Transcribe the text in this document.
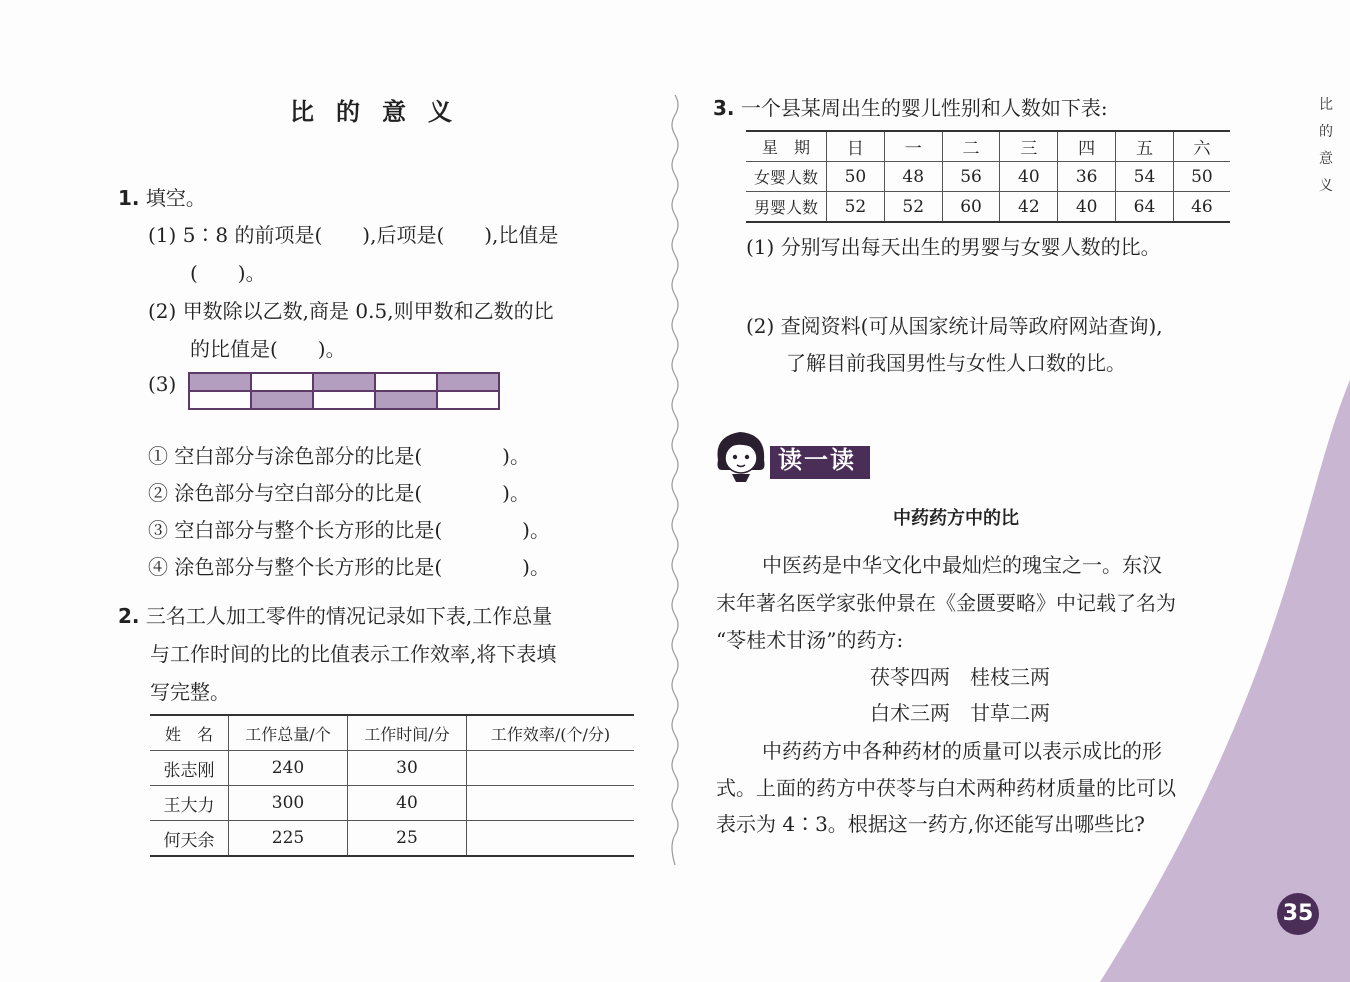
比
的
意
义
35
比的意义
1. 填空。
(1) 5∶8 的前项是(　　),后项是(　　),比值是
(　　)。
(2) 甲数除以乙数,商是 0.5,则甲数和乙数的比
的比值是(　　)。
(3)

① 空白部分与涂色部分的比是(　　　　)。
② 涂色部分与空白部分的比是(　　　　)。
③ 空白部分与整个长方形的比是(　　　　)。
④ 涂色部分与整个长方形的比是(　　　　)。
2. 三名工人加工零件的情况记录如下表,工作总量
与工作时间的比的比值表示工作效率,将下表填
写完整。
姓　名	工作总量/个	工作时间/分	工作效率/(个/分)
张志刚	240	30	
王大力	300	40	
何天余	225	25	
3. 一个县某周出生的婴儿性别和人数如下表:
星　期	日	一	二	三	四	五	六
女婴人数	50	48	56	40	36	54	50
男婴人数	52	52	60	42	40	64	46
(1) 分别写出每天出生的男婴与女婴人数的比。
(2) 查阅资料(可从国家统计局等政府网站查询),
了解目前我国男性与女性人口数的比。
读一读
中药药方中的比
中医药是中华文化中最灿烂的瑰宝之一。东汉
末年著名医学家张仲景在《金匮要略》中记载了名为
“苓桂术甘汤”的药方:
茯苓四两　桂枝三两
白术三两　甘草二两
中药药方中各种药材的质量可以表示成比的形
式。上面的药方中茯苓与白术两种药材质量的比可以
表示为 4∶3。根据这一药方,你还能写出哪些比?
